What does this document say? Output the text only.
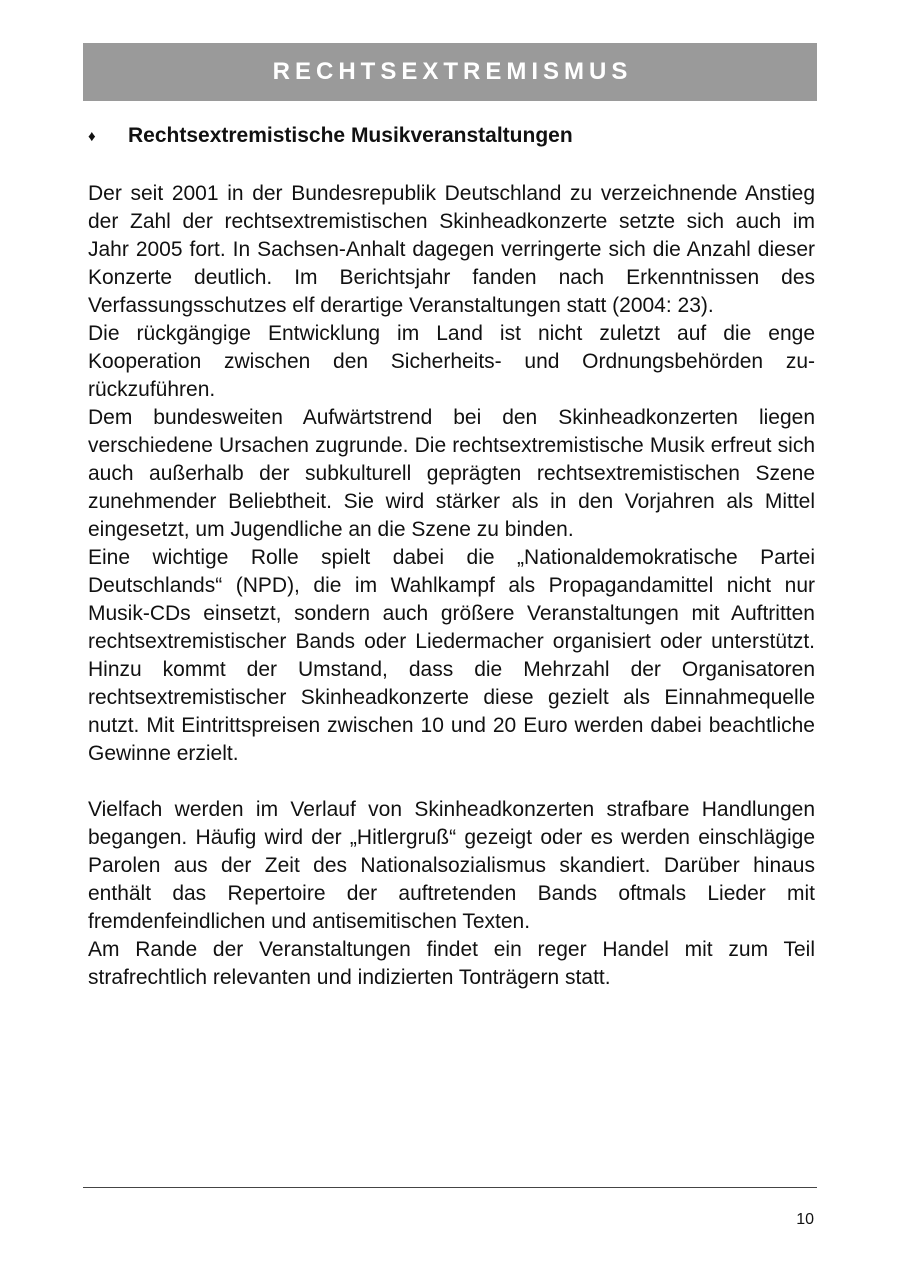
RECHTSEXTREMISMUS
♦	Rechtsextremistische Musikveranstaltungen

Der seit 2001 in der Bundesrepublik Deutschland zu verzeichnende Anstieg der Zahl der rechtsextremistischen Skinheadkonzerte setzte sich auch im Jahr 2005 fort. In Sachsen-Anhalt dagegen verringerte sich die Anzahl dieser Konzerte deutlich. Im Berichtsjahr fanden nach Erkenntnissen des Verfassungsschutzes elf derartige Veranstaltungen statt (2004: 23).

Die rückgängige Entwicklung im Land ist nicht zuletzt auf die enge Kooperation zwischen den Sicherheits- und Ordnungsbehörden zurückzuführen.

Dem bundesweiten Aufwärtstrend bei den Skinheadkonzerten liegen verschiedene Ursachen zugrunde. Die rechtsextremistische Musik erfreut sich auch außerhalb der subkulturell geprägten rechtsextremistischen Szene zunehmender Beliebtheit. Sie wird stärker als in den Vorjahren als Mittel eingesetzt, um Jugendliche an die Szene zu binden.

Eine wichtige Rolle spielt dabei die „Nationaldemokratische Partei Deutschlands“ (NPD), die im Wahlkampf als Propagandamittel nicht nur Musik-CDs einsetzt, sondern auch größere Veranstaltungen mit Auftritten rechtsextremistischer Bands oder Liedermacher organisiert oder unterstützt. Hinzu kommt der Umstand, dass die Mehrzahl der Organisatoren rechtsextremistischer Skinheadkonzerte diese gezielt als Einnahmequelle nutzt. Mit Eintrittspreisen zwischen 10 und 20 Euro werden dabei beachtliche Gewinne erzielt.

Vielfach werden im Verlauf von Skinheadkonzerten strafbare Handlungen begangen. Häufig wird der „Hitlergruß“ gezeigt oder es werden einschlägige Parolen aus der Zeit des Nationalsozialismus skandiert. Darüber hinaus enthält das Repertoire der auftretenden Bands oftmals Lieder mit fremdenfeindlichen und antisemitischen Texten.

Am Rande der Veranstaltungen findet ein reger Handel mit zum Teil strafrechtlich relevanten und indizierten Tonträgern statt.

10
